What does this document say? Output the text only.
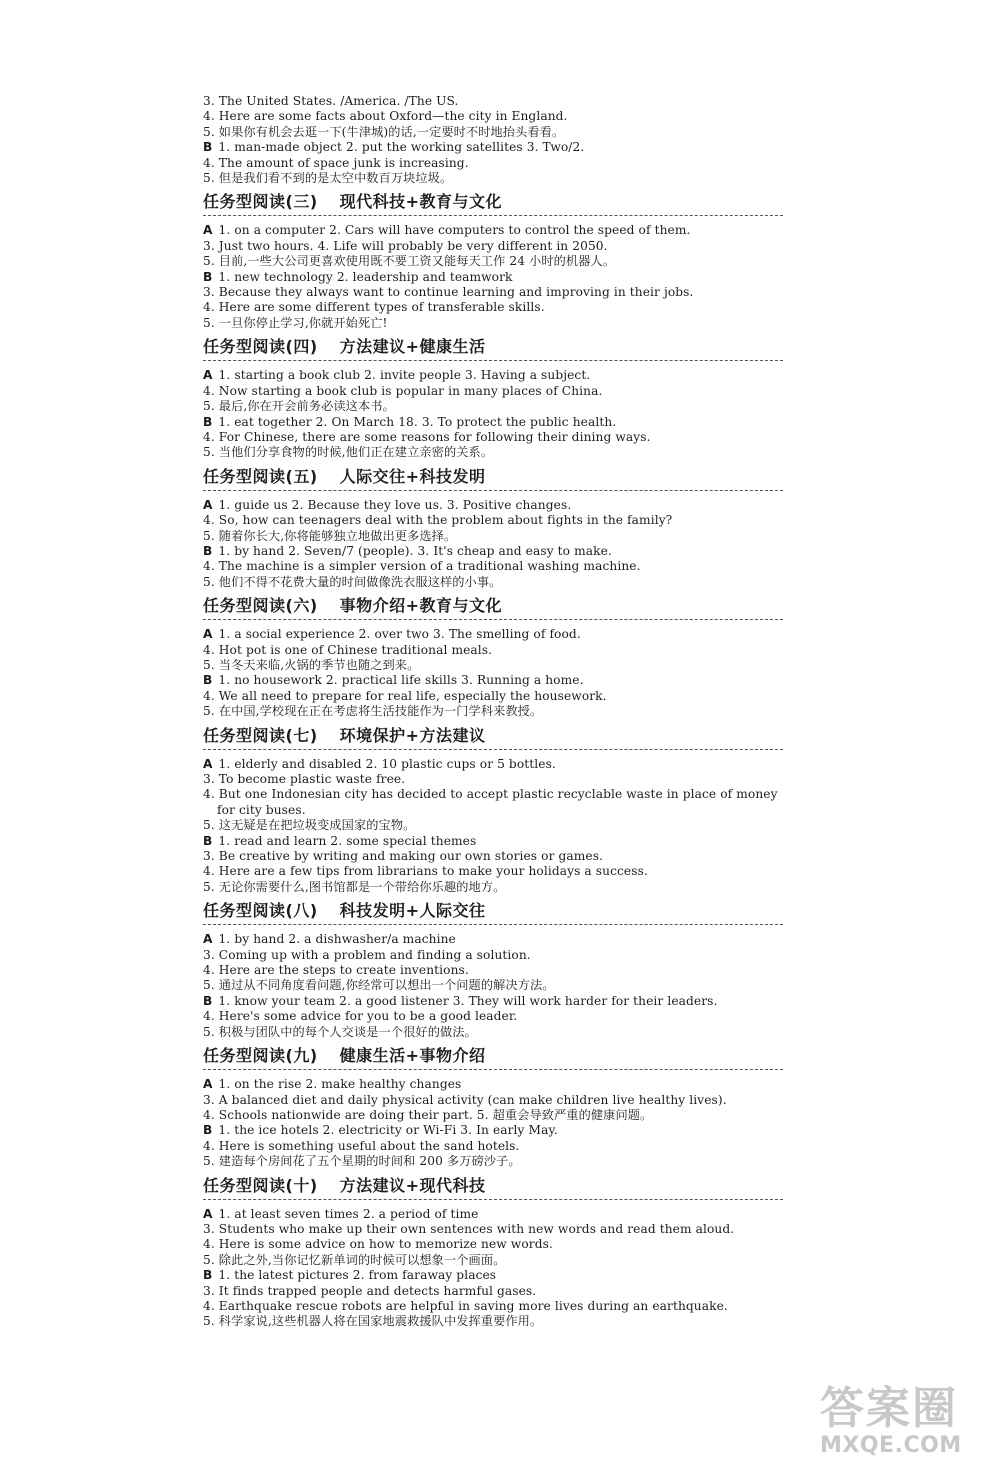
3. The United States. /America. /The US.
4. Here are some facts about Oxford—the city in England.
5. 如果你有机会去逛一下(牛津城)的话,一定要时不时地抬头看看。
B 1. man-made object 2. put the working satellites 3. Two/2.
4. The amount of space junk is increasing.
5. 但是我们看不到的是太空中数百万块垃圾。
任务型阅读(三) 现代科技+教育与文化
A 1. on a computer 2. Cars will have computers to control the speed of them.
3. Just two hours. 4. Life will probably be very different in 2050.
5. 目前,一些大公司更喜欢使用既不要工资又能每天工作 24 小时的机器人。
B 1. new technology 2. leadership and teamwork
3. Because they always want to continue learning and improving in their jobs.
4. Here are some different types of transferable skills.
5. 一旦你停止学习,你就开始死亡!
任务型阅读(四) 方法建议+健康生活
A 1. starting a book club 2. invite people 3. Having a subject.
4. Now starting a book club is popular in many places of China.
5. 最后,你在开会前务必读这本书。
B 1. eat together 2. On March 18. 3. To protect the public health.
4. For Chinese, there are some reasons for following their dining ways.
5. 当他们分享食物的时候,他们正在建立亲密的关系。
任务型阅读(五) 人际交往+科技发明
A 1. guide us 2. Because they love us. 3. Positive changes.
4. So, how can teenagers deal with the problem about fights in the family?
5. 随着你长大,你将能够独立地做出更多选择。
B 1. by hand 2. Seven/7 (people). 3. It's cheap and easy to make.
4. The machine is a simpler version of a traditional washing machine.
5. 他们不得不花费大量的时间做像洗衣服这样的小事。
任务型阅读(六) 事物介绍+教育与文化
A 1. a social experience 2. over two 3. The smelling of food.
4. Hot pot is one of Chinese traditional meals.
5. 当冬天来临,火锅的季节也随之到来。
B 1. no housework 2. practical life skills 3. Running a home.
4. We all need to prepare for real life, especially the housework.
5. 在中国,学校现在正在考虑将生活技能作为一门学科来教授。
任务型阅读(七) 环境保护+方法建议
A 1. elderly and disabled 2. 10 plastic cups or 5 bottles.
3. To become plastic waste free.
4. But one Indonesian city has decided to accept plastic recyclable waste in place of money
for city buses.
5. 这无疑是在把垃圾变成国家的宝物。
B 1. read and learn 2. some special themes
3. Be creative by writing and making our own stories or games.
4. Here are a few tips from librarians to make your holidays a success.
5. 无论你需要什么,图书馆都是一个带给你乐趣的地方。
任务型阅读(八) 科技发明+人际交往
A 1. by hand 2. a dishwasher/a machine
3. Coming up with a problem and finding a solution.
4. Here are the steps to create inventions.
5. 通过从不同角度看问题,你经常可以想出一个问题的解决方法。
B 1. know your team 2. a good listener 3. They will work harder for their leaders.
4. Here's some advice for you to be a good leader.
5. 积极与团队中的每个人交谈是一个很好的做法。
任务型阅读(九) 健康生活+事物介绍
A 1. on the rise 2. make healthy changes
3. A balanced diet and daily physical activity (can make children live healthy lives).
4. Schools nationwide are doing their part. 5. 超重会导致严重的健康问题。
B 1. the ice hotels 2. electricity or Wi-Fi 3. In early May.
4. Here is something useful about the sand hotels.
5. 建造每个房间花了五个星期的时间和 200 多万磅沙子。
任务型阅读(十) 方法建议+现代科技
A 1. at least seven times 2. a period of time
3. Students who make up their own sentences with new words and read them aloud.
4. Here is some advice on how to memorize new words.
5. 除此之外,当你记忆新单词的时候可以想象一个画面。
B 1. the latest pictures 2. from faraway places
3. It finds trapped people and detects harmful gases.
4. Earthquake rescue robots are helpful in saving more lives during an earthquake.
5. 科学家说,这些机器人将在国家地震救援队中发挥重要作用。
答案圈
MXQE.COM
